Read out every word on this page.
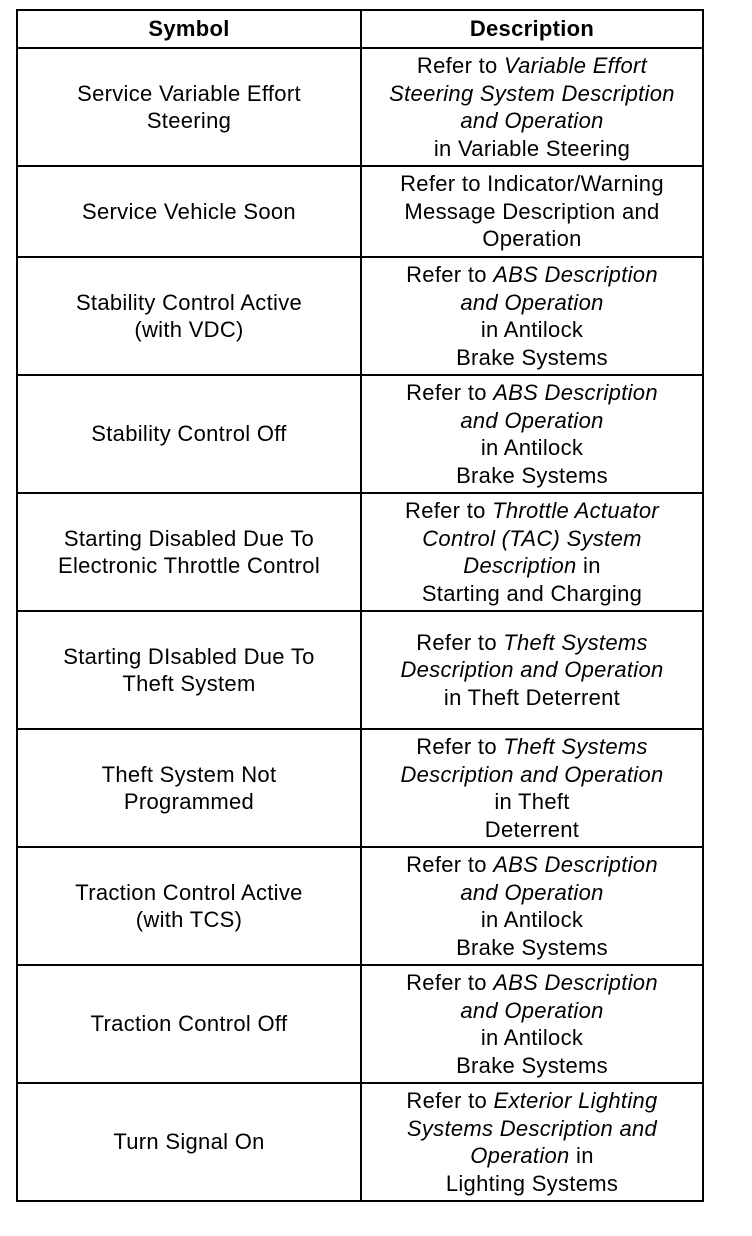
Symbol	Description

Service Variable Effort
Steering	Refer to Variable Effort
Steering System Description
and Operation
in Variable Steering

Service Vehicle Soon	Refer to Indicator/Warning
Message Description and
Operation

Stability Control Active
(with VDC)	Refer to ABS Description
and Operation
in Antilock
Brake Systems

Stability Control Off	Refer to ABS Description
and Operation
in Antilock
Brake Systems

Starting Disabled Due To
Electronic Throttle Control	Refer to Throttle Actuator
Control (TAC) System
Description in
Starting and Charging

Starting DIsabled Due To
Theft System	Refer to Theft Systems
Description and Operation
in Theft Deterrent

Theft System Not
Programmed	Refer to Theft Systems
Description and Operation
in Theft
Deterrent

Traction Control Active
(with TCS)	Refer to ABS Description
and Operation
in Antilock
Brake Systems

Traction Control Off	Refer to ABS Description
and Operation
in Antilock
Brake Systems

Turn Signal On	Refer to Exterior Lighting
Systems Description and
Operation in
Lighting Systems
